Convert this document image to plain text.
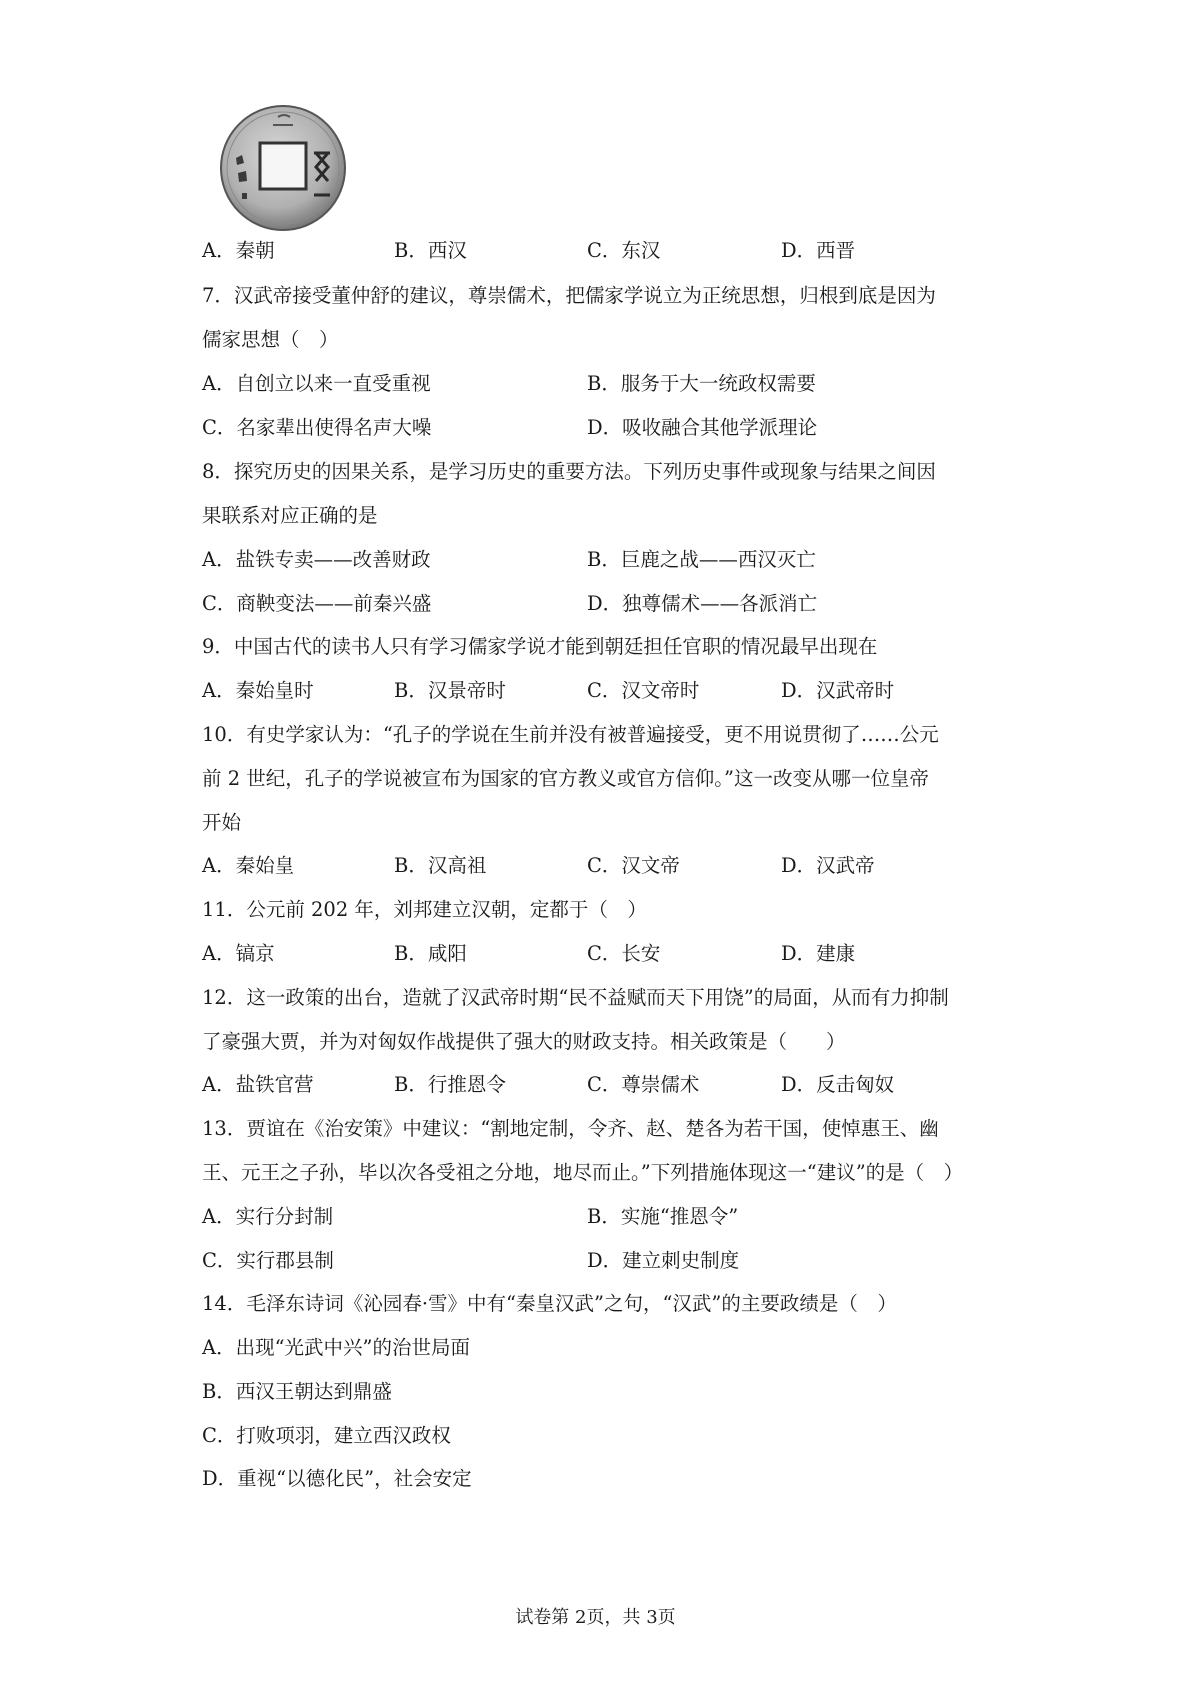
A．秦朝	B．西汉	C．东汉	D．西晋

7．汉武帝接受董仲舒的建议，尊崇儒术，把儒家学说立为正统思想，归根到底是因为

儒家思想（　）

A．自创立以来一直受重视	B．服务于大一统政权需要
C．名家辈出使得名声大噪	D．吸收融合其他学派理论

8．探究历史的因果关系，是学习历史的重要方法。下列历史事件或现象与结果之间因

果联系对应正确的是

A．盐铁专卖——改善财政	B．巨鹿之战——西汉灭亡
C．商鞅变法——前秦兴盛	D．独尊儒术——各派消亡

9．中国古代的读书人只有学习儒家学说才能到朝廷担任官职的情况最早出现在

A．秦始皇时	B．汉景帝时	C．汉文帝时	D．汉武帝时

10．有史学家认为：“孔子的学说在生前并没有被普遍接受，更不用说贯彻了……公元

前 2 世纪，孔子的学说被宣布为国家的官方教义或官方信仰。”这一改变从哪一位皇帝

开始

A．秦始皇	B．汉高祖	C．汉文帝	D．汉武帝

11．公元前 202 年，刘邦建立汉朝，定都于（　）

A．镐京	B．咸阳	C．长安	D．建康

12．这一政策的出台，造就了汉武帝时期“民不益赋而天下用饶”的局面，从而有力抑制

了豪强大贾，并为对匈奴作战提供了强大的财政支持。相关政策是（　　）

A．盐铁官营	B．行推恩令	C．尊崇儒术	D．反击匈奴

13．贾谊在《治安策》中建议：“割地定制，令齐、赵、楚各为若干国，使悼惠王、幽

王、元王之子孙，毕以次各受祖之分地，地尽而止。”下列措施体现这一“建议”的是（　）

A．实行分封制	B．实施“推恩令”
C．实行郡县制	D．建立刺史制度

14．毛泽东诗词《沁园春·雪》中有“秦皇汉武”之句，“汉武”的主要政绩是（　）

A．出现“光武中兴”的治世局面
B．西汉王朝达到鼎盛
C．打败项羽，建立西汉政权
D．重视“以德化民”，社会安定
试卷第 2页，共 3页
